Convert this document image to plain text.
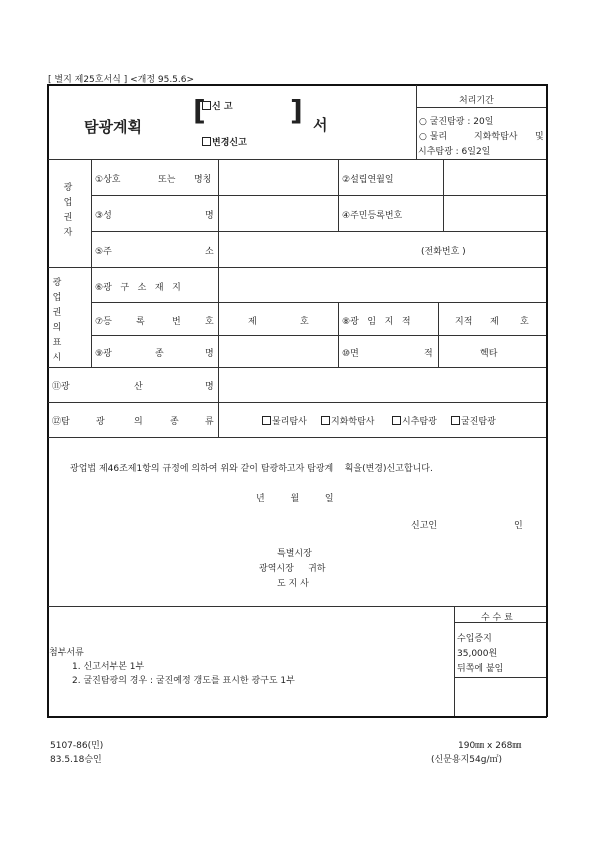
[ 별지 제25호서식 ] <개정 95.5.6>
탐광계획 [ 신 고
변경신고
] 서
처리기간
○ 굴진탐광 : 20일
○ 물리	지화학탐사 및
시추탐광 : 6일2일
광
업
권
자
①상호	또는 명칭	②설립연월일
③성	명	④주민등록번호
⑤주	소	(전화번호 )
광
업
권
의
표
시
⑥광   구   소   재   지
⑦등	록	번	호	제	호	⑧광   임   지   적	지적 제 호
⑨광	종	명	⑩면	적	헥타
⑪광	산	명
⑫탐	광	의	종	류	물리탐사	지화학탐사	시추탐광	굴진탐광
광업법 제46조제1항의 규정에 의하여 위와 같이 탐광하고자 탐광계    획을(변경)신고합니다.
년         월         일
신고인	인
특별시장
광역시장     귀하
도 지 사
첨부서류
1. 신고서부본 1부
2. 굴진탐광의 경우 : 굴진예정 갱도를 표시한 광구도 1부
수 수 료
수입증지
35,000원
뒤쪽에 붙임
5107-86(민)
83.5.18승인
190㎜ x 268㎜
(신문용지54g/㎡)
